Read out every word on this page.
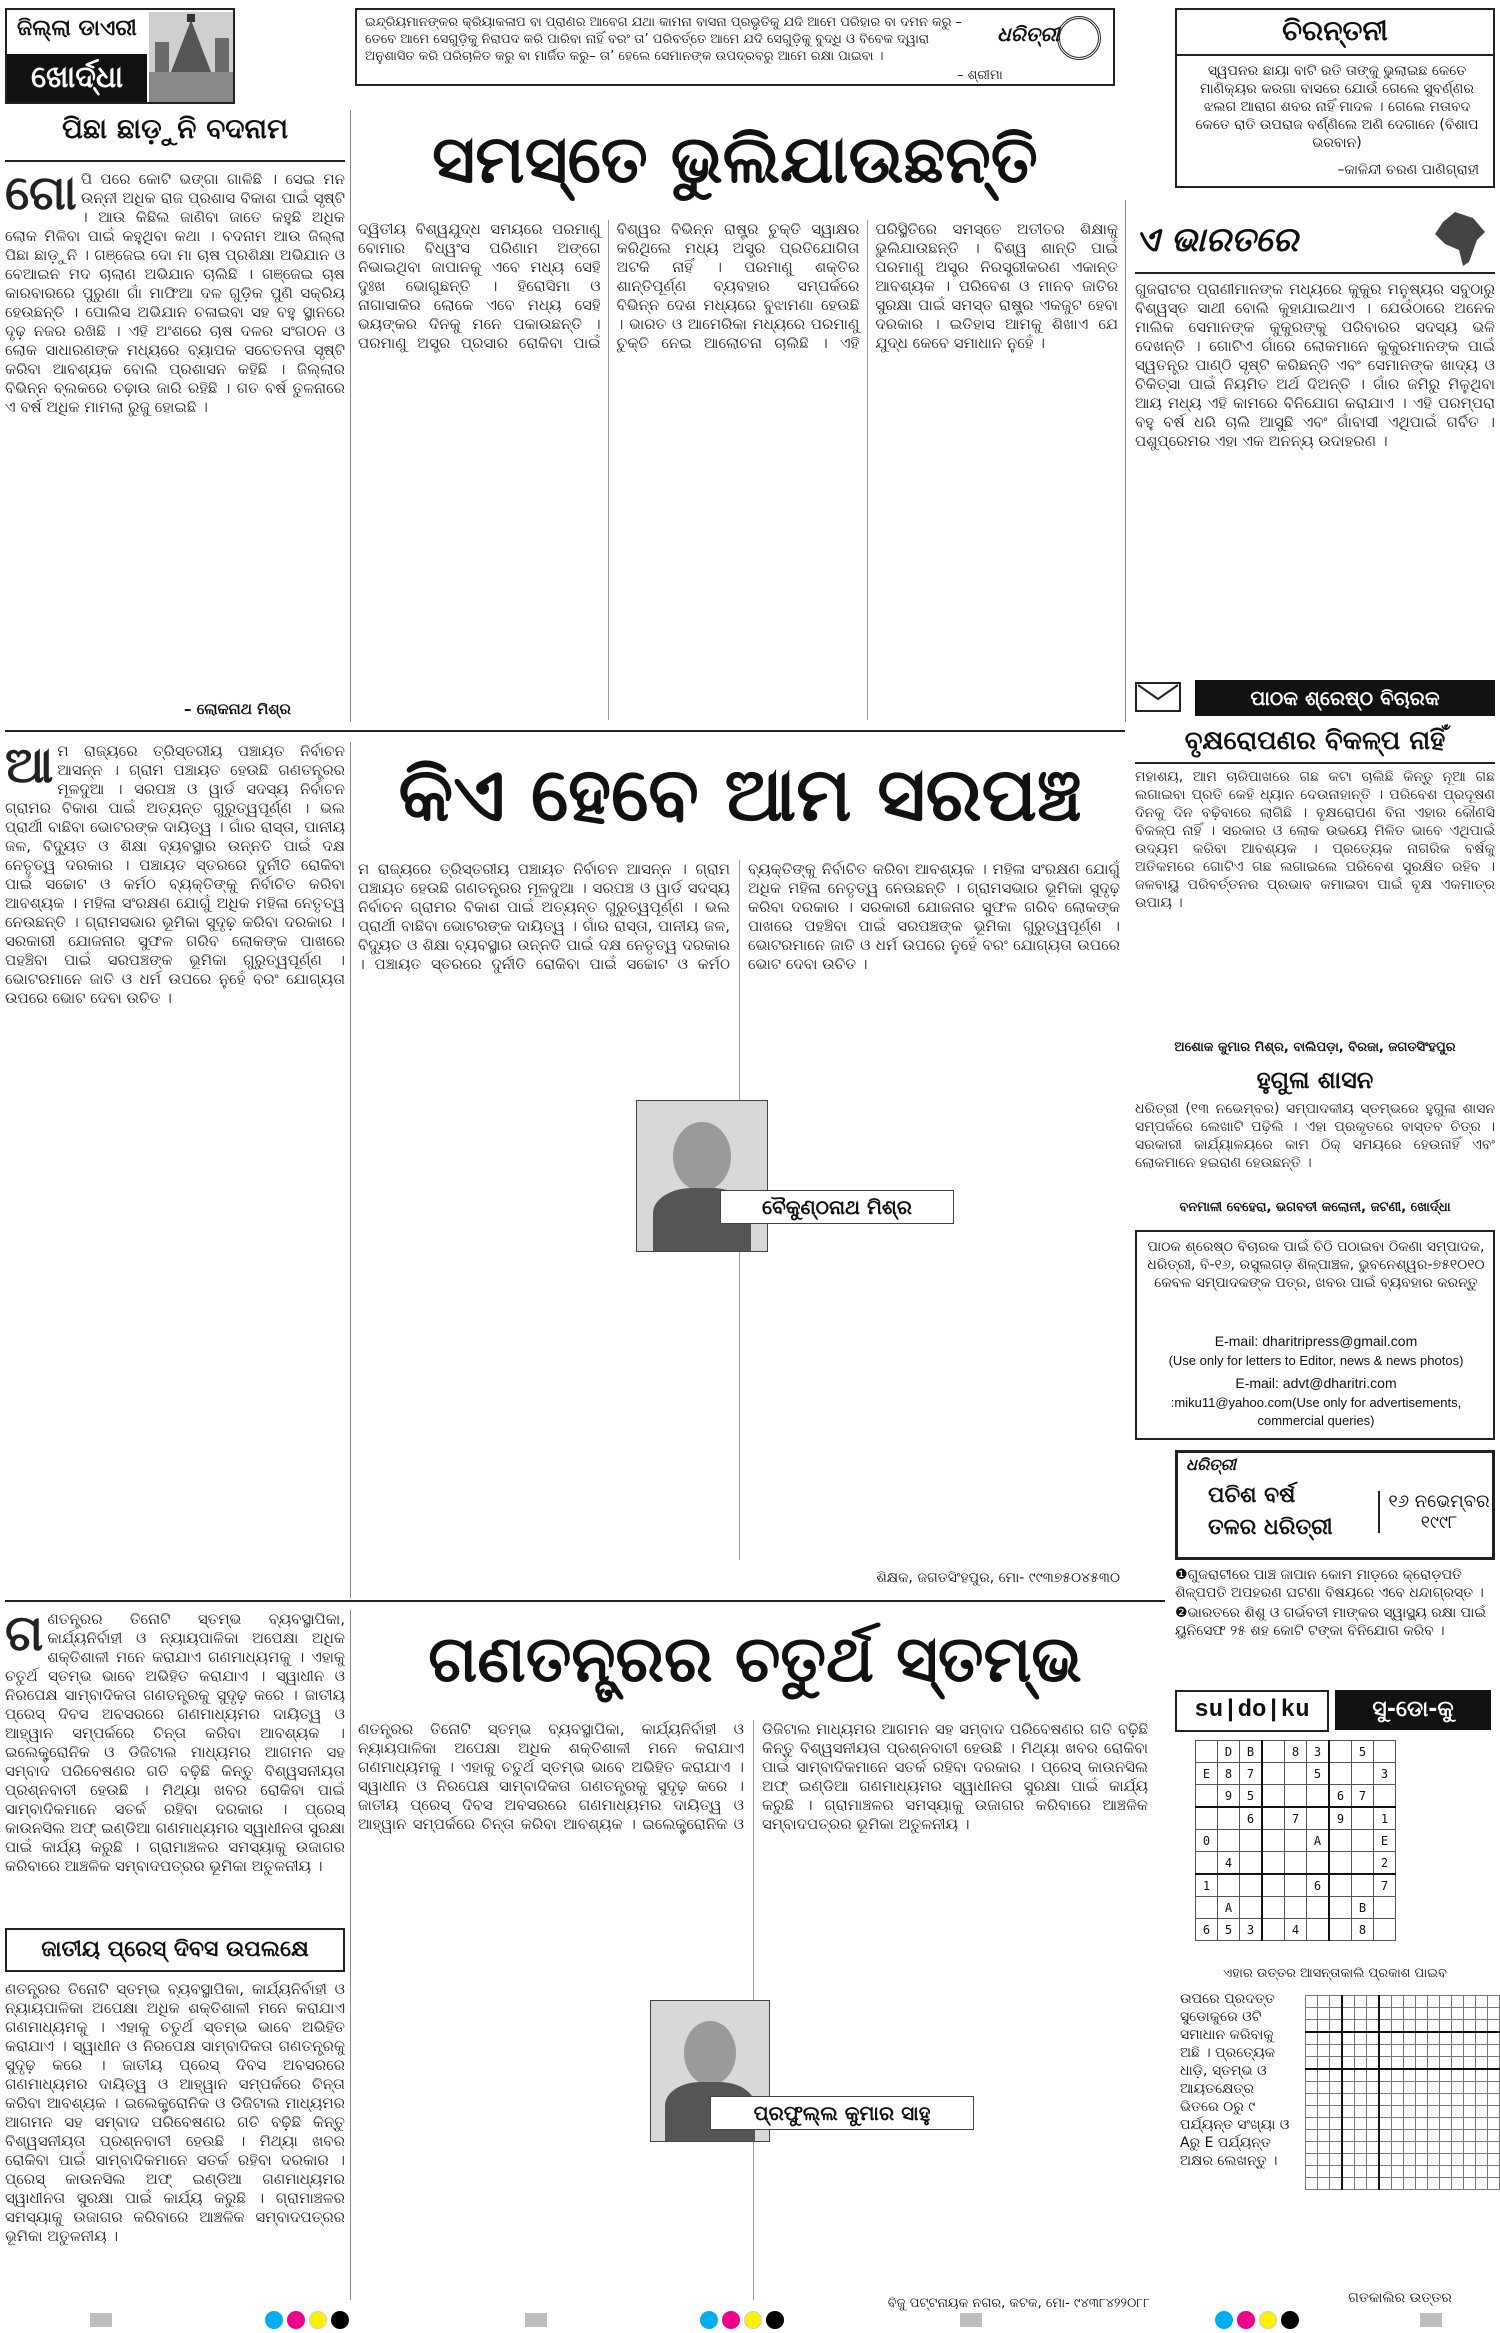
ଜିଲ୍ଲା ଡାଏରୀ
ଖୋର୍ଦ୍ଧା
ଇନ୍ଦ୍ରିୟମାନଙ୍କର କ୍ରିୟାକଳାପ ବା ପ୍ରାଣର ଆବେଗ ଯଥା କାମନା ବାସନା ପ୍ରଭୃତିକୁ ଯଦି ଆମେ ପରିହାର ବା ଦମନ କରୁ – ତେବେ ଆମେ ସେଗୁଡ଼ିକୁ ନିରାପଦ କରି ପାରିବା ନାହିଁ ବରଂ ତା’ ପରିବର୍ତ୍ତେ ଆମେ ଯଦି ସେଗୁଡ଼ିକୁ ବୁଦ୍ଧି ଓ ବିବେକ ଦ୍ୱାରା ଅନୁଶାସିତ କରି ପରିଚାଳିତ କରୁ ବା ମାର୍ଜିତ କରୁ– ତା’ ହେଲେ ସେମାନଙ୍କ ଉପଦ୍ରବରୁ ଆମେ ରକ୍ଷା ପାଇବା ।
– ଶ୍ରୀମା
ଧରିତ୍ରୀ	ଚିରନ୍ତନୀ
ସ୍ୱପନର ଛାୟା ବାଟି ରତି ତାଙ୍କୁ ଭୁଲାଇଛ କେତେ ମାଣିକ୍ୟର କରଗା ବାସରେ ଯୋଉଁ ଗେଲେ ସୁବର୍ଣ୍ଣର ଝଲଗ ଆରାଗ ଶବର ନାହିଁ ମାଦଳ । ଗେଲେ ମତାବଦ କେତେ ରାତି ଉପରାଜ ବର୍ଣ୍ଣିଲେ ଅଣି ଦେଗାନେ (ବିଶାପ ଭରବାନ)
–କାଳିନ୍ଦୀ ଚରଣ ପାଣିଗ୍ରାହୀ
ପିଛା ଛାଡ଼ୁନି ବଦନାମ	ସମସ୍ତେ ଭୁଲିଯାଉଛନ୍ତି
ଗୋପି ପରେ କୋଟି ଭଙ୍ଗା ଗାଳିଛି । ସେଇ ମନ ଉନ୍ନୀ ଅଧିକ ରାଜ ପ୍ରଶାସ ବିକାଶ ପାଇଁ ସୃଷ୍ଟି । ଆଉ କିଛିଲ ଜାଣିବା ଜାତେ କହୁଛି ଅଧିକ ଲୋକ ମିଳିବା ପାଇଁ କହୁଥିବା କଥା । ବଦନାମ ଆଉ ଜିଲ୍ଲା ପିଛା ଛାଡ଼ୁନି । ଗଞ୍ଜେଇ ଦୋ ମା ଚାଷ ପ୍ରଶିକ୍ଷା ଅଭିଯାନ ଓ ବେଆଇନ ମଦ ଚାଲାଣ ଅଭିଯାନ ଚାଲିଛି । ଗଞ୍ଜେଇ ଚାଷ କାରବାରରେ ପୁରୁଣା ଗାଁ ମାଫିଆ ଦଳ ଗୁଡ଼ିକ ପୁଣି ସକ୍ରିୟ ହେଉଛନ୍ତି । ପୋଲିସ ଅଭିଯାନ ଚଳାଇବା ସହ ବହୁ ସ୍ଥାନରେ ଦୃଢ଼ ନଜର ରଖିଛି । ଏହି ଅଂଶରେ ଚାଷ ଦଳର ସଂଗଠନ ଓ ଲୋକ ସାଧାରଣଙ୍କ ମଧ୍ୟରେ ବ୍ୟାପକ ସଚେତନତା ସୃଷ୍ଟି କରିବା ଆବଶ୍ୟକ ବୋଲି ପ୍ରଶାସନ କହିଛି । ଜିଲ୍ଲାର ବିଭିନ୍ନ ବ୍ଲକରେ ଚଢ଼ାଉ ଜାରି ରହିଛି । ଗତ ବର୍ଷ ତୁଳନାରେ ଏ ବର୍ଷ ଅଧିକ ମାମଲା ରୁଜୁ ହୋଇଛି ।
– ଲୋକନାଥ ମିଶ୍ର
ଦ୍ୱିତୀୟ ବିଶ୍ୱଯୁଦ୍ଧ ସମୟରେ ପରମାଣୁ ବୋମାର ବିଧ୍ୱଂସ ପରିଣାମ ଅଙ୍ଗେ ନିଭାଇଥିବା ଜାପାନକୁ ଏବେ ମଧ୍ୟ ସେହି ଦୁଃଖ ଭୋଗୁଛନ୍ତି । ହିରୋସିମା ଓ ନାଗାସାକିର ଲୋକେ ଏବେ ମଧ୍ୟ ସେହି ଭୟଙ୍କର ଦିନକୁ ମନେ ପକାଉଛନ୍ତି । ପରମାଣୁ ଅସ୍ତ୍ର ପ୍ରସାର ରୋକିବା ପାଇଁ ବିଶ୍ୱର ବିଭିନ୍ନ ରାଷ୍ଟ୍ର ଚୁକ୍ତି ସ୍ୱାକ୍ଷର କରିଥିଲେ ମଧ୍ୟ ଅସ୍ତ୍ର ପ୍ରତିଯୋଗିତା ଅଟକି ନାହିଁ । ପରମାଣୁ ଶକ୍ତିର ଶାନ୍ତିପୂର୍ଣ୍ଣ ବ୍ୟବହାର ସମ୍ପର୍କରେ ବିଭିନ୍ନ ଦେଶ ମଧ୍ୟରେ ବୁଝାମଣା ହେଉଛି । ଭାରତ ଓ ଆମେରିକା ମଧ୍ୟରେ ପରମାଣୁ ଚୁକ୍ତି ନେଇ ଆଲୋଚନା ଚାଲିଛି । ଏହି ପରିସ୍ଥିତିରେ ସମସ୍ତେ ଅତୀତର ଶିକ୍ଷାକୁ ଭୁଲିଯାଉଛନ୍ତି । ବିଶ୍ୱ ଶାନ୍ତି ପାଇଁ ପରମାଣୁ ଅସ୍ତ୍ର ନିରସ୍ତ୍ରୀକରଣ ଏକାନ୍ତ ଆବଶ୍ୟକ । ପରିବେଶ ଓ ମାନବ ଜାତିର ସୁରକ୍ଷା ପାଇଁ ସମସ୍ତ ରାଷ୍ଟ୍ର ଏକଜୁଟ ହେବା ଦରକାର । ଇତିହାସ ଆମକୁ ଶିଖାଏ ଯେ ଯୁଦ୍ଧ କେବେ ସମାଧାନ ନୁହେଁ ।
ଏ ଭାରତରେ
ଗୁଜରାଟର ପ୍ରାଣୀମାନଙ୍କ ମଧ୍ୟରେ କୁକୁର ମନୁଷ୍ୟର ସବୁଠାରୁ ବିଶ୍ୱସ୍ତ ସାଥୀ ବୋଲି କୁହାଯାଇଥାଏ । ଯେଉଁଠାରେ ଅନେକ ମାଲିକ ସେମାନଙ୍କ କୁକୁରଙ୍କୁ ପରିବାରର ସଦସ୍ୟ ଭଳି ଦେଖନ୍ତି । ଗୋଟିଏ ଗାଁରେ ଲୋକମାନେ କୁକୁରମାନଙ୍କ ପାଇଁ ସ୍ୱତନ୍ତ୍ର ପାଣ୍ଠି ସୃଷ୍ଟି କରିଛନ୍ତି ଏବଂ ସେମାନଙ୍କ ଖାଦ୍ୟ ଓ ଚିକିତ୍ସା ପାଇଁ ନିୟମିତ ଅର୍ଥ ଦିଅନ୍ତି । ଗାଁର ଜମିରୁ ମିଳୁଥିବା ଆୟ ମଧ୍ୟ ଏହି କାମରେ ବିନିଯୋଗ କରାଯାଏ । ଏହି ପରମ୍ପରା ବହୁ ବର୍ଷ ଧରି ଚାଲି ଆସୁଛି ଏବଂ ଗାଁବାସୀ ଏଥିପାଇଁ ଗର୍ବିତ । ପଶୁପ୍ରେମର ଏହା ଏକ ଅନନ୍ୟ ଉଦାହରଣ ।
ପାଠକ ଶ୍ରେଷ୍ଠ ବିଚାରକ
ବୃକ୍ଷରୋପଣର ବିକଳ୍ପ ନାହିଁ
ମହାଶୟ, ଆମ ଚାରିପାଖରେ ଗଛ କଟା ଚାଲିଛି କିନ୍ତୁ ନୂଆ ଗଛ ଲଗାଇବା ପ୍ରତି କେହି ଧ୍ୟାନ ଦେଉନାହାନ୍ତି । ପରିବେଶ ପ୍ରଦୂଷଣ ଦିନକୁ ଦିନ ବଢ଼ିବାରେ ଲାଗିଛି । ବୃକ୍ଷରୋପଣ ବିନା ଏହାର କୌଣସି ବିକଳ୍ପ ନାହିଁ । ସରକାର ଓ ଲୋକ ଉଭୟେ ମିଳିତ ଭାବେ ଏଥିପାଇଁ ଉଦ୍ୟମ କରିବା ଆବଶ୍ୟକ । ପ୍ରତ୍ୟେକ ନାଗରିକ ବର୍ଷକୁ ଅତିକମରେ ଗୋଟିଏ ଗଛ ଲଗାଇଲେ ପରିବେଶ ସୁରକ୍ଷିତ ରହିବ । ଜଳବାୟୁ ପରିବର୍ତ୍ତନର ପ୍ରଭାବ କମାଇବା ପାଇଁ ବୃକ୍ଷ ଏକମାତ୍ର ଉପାୟ ।
ଅଶୋକ କୁମାର ମିଶ୍ର, ବାଲିପଡ଼ା, ବିରଜା, ଜଗତସିଂହପୁର
ହୁଗୁଳା ଶାସନ
ଧରିତ୍ରୀ (୧୩ ନଭେମ୍ବର) ସମ୍ପାଦକୀୟ ସ୍ତମ୍ଭରେ ହୁଗୁଳା ଶାସନ ସମ୍ପର୍କରେ ଲେଖାଟି ପଢ଼ିଲି । ଏହା ପ୍ରକୃତରେ ବାସ୍ତବ ଚିତ୍ର । ସରକାରୀ କାର୍ଯ୍ୟାଳୟରେ କାମ ଠିକ୍ ସମୟରେ ହେଉନାହିଁ ଏବଂ ଲୋକମାନେ ହଇରାଣ ହେଉଛନ୍ତି ।
ବନମାଳୀ ବେହେରା, ଭଗବତୀ କଲୋନୀ, ଜଟଣୀ, ଖୋର୍ଦ୍ଧା
ପାଠକ ଶ୍ରେଷ୍ଠ ବିଚାରକ ପାଇଁ ଚିଠି ପଠାଇବା ଠିକଣା ସମ୍ପାଦକ, ଧରିତ୍ରୀ, ବି-୧୬, ରସୁଲଗଡ଼ ଶିଳ୍ପାଞ୍ଚଳ, ଭୁବନେଶ୍ୱର-୭୫୧୦୧୦ କେବଳ ସମ୍ପାଦକଙ୍କ ପତ୍ର, ଖବର ପାଇଁ ବ୍ୟବହାର କରନ୍ତୁ
E-mail: dharitripress@gmail.com
(Use only for letters to Editor, news & news photos)
E-mail: advt@dharitri.com
:miku11@yahoo.com(Use only for advertisements, commercial queries)
ଧରିତ୍ରୀ
ପଚିଶ ବର୍ଷ
ତଳର ଧରିତ୍ରୀ
୧୬ ନଭେମ୍ବର ୧୯୯୮
❶ଗୁଜରାଟୀରେ ପାଞ୍ଚ ଜାପାନ କୋମ ମାଡ଼ରେ କ୍ରୋଡ଼ପତି ଶିଳ୍ପପତି ଅପହରଣ ଘଟଣା ବିଷୟରେ ଏବେ ଧନ୍ଦାଗ୍ରସ୍ତ ।
❷ଭାରତରେ ଶିଶୁ ଓ ଗର୍ଭବତୀ ମାଙ୍କର ସ୍ୱାସ୍ଥ୍ୟ ରକ୍ଷା ପାଇଁ ୟୁନିସେଫ ୨୫ ଶହ କୋଟି ଟଙ୍କା ବିନିଯୋଗ କରିବ ।
କିଏ ହେବେ ଆମ ସରପଞ୍ଚ
ଆମ ରାଜ୍ୟରେ ତ୍ରିସ୍ତରୀୟ ପଞ୍ଚାୟତ ନିର୍ବାଚନ ଆସନ୍ନ । ଗ୍ରାମ ପଞ୍ଚାୟତ ହେଉଛି ଗଣତନ୍ତ୍ରର ମୂଳଦୁଆ । ସରପଞ୍ଚ ଓ ୱାର୍ଡ ସଦସ୍ୟ ନିର୍ବାଚନ ଗ୍ରାମର ବିକାଶ ପାଇଁ ଅତ୍ୟନ୍ତ ଗୁରୁତ୍ୱପୂର୍ଣ୍ଣ । ଭଲ ପ୍ରାର୍ଥୀ ବାଛିବା ଭୋଟରଙ୍କ ଦାୟିତ୍ୱ । ଗାଁର ରାସ୍ତା, ପାନୀୟ ଜଳ, ବିଦ୍ୟୁତ ଓ ଶିକ୍ଷା ବ୍ୟବସ୍ଥାର ଉନ୍ନତି ପାଇଁ ଦକ୍ଷ ନେତୃତ୍ୱ ଦରକାର । ପଞ୍ଚାୟତ ସ୍ତରରେ ଦୁର୍ନୀତି ରୋକିବା ପାଇଁ ସଚ୍ଚୋଟ ଓ କର୍ମଠ ବ୍ୟକ୍ତିଙ୍କୁ ନିର୍ବାଚିତ କରିବା ଆବଶ୍ୟକ । ମହିଳା ସଂରକ୍ଷଣ ଯୋଗୁଁ ଅଧିକ ମହିଳା ନେତୃତ୍ୱ ନେଉଛନ୍ତି । ଗ୍ରାମସଭାର ଭୂମିକା ସୁଦୃଢ଼ କରିବା ଦରକାର । ସରକାରୀ ଯୋଜନାର ସୁଫଳ ଗରିବ ଲୋକଙ୍କ ପାଖରେ ପହଞ୍ଚିବା ପାଇଁ ସରପଞ୍ଚଙ୍କ ଭୂମିକା ଗୁରୁତ୍ୱପୂର୍ଣ୍ଣ । ଭୋଟରମାନେ ଜାତି ଓ ଧର୍ମ ଉପରେ ନୁହେଁ ବରଂ ଯୋଗ୍ୟତା ଉପରେ ଭୋଟ ଦେବା ଉଚିତ ।
ମ ରାଜ୍ୟରେ ତ୍ରିସ୍ତରୀୟ ପଞ୍ଚାୟତ ନିର୍ବାଚନ ଆସନ୍ନ । ଗ୍ରାମ ପଞ୍ଚାୟତ ହେଉଛି ଗଣତନ୍ତ୍ରର ମୂଳଦୁଆ । ସରପଞ୍ଚ ଓ ୱାର୍ଡ ସଦସ୍ୟ ନିର୍ବାଚନ ଗ୍ରାମର ବିକାଶ ପାଇଁ ଅତ୍ୟନ୍ତ ଗୁରୁତ୍ୱପୂର୍ଣ୍ଣ । ଭଲ ପ୍ରାର୍ଥୀ ବାଛିବା ଭୋଟରଙ୍କ ଦାୟିତ୍ୱ । ଗାଁର ରାସ୍ତା, ପାନୀୟ ଜଳ, ବିଦ୍ୟୁତ ଓ ଶିକ୍ଷା ବ୍ୟବସ୍ଥାର ଉନ୍ନତି ପାଇଁ ଦକ୍ଷ ନେତୃତ୍ୱ ଦରକାର । ପଞ୍ଚାୟତ ସ୍ତରରେ ଦୁର୍ନୀତି ରୋକିବା ପାଇଁ ସଚ୍ଚୋଟ ଓ କର୍ମଠ ବ୍ୟକ୍ତିଙ୍କୁ ନିର୍ବାଚିତ କରିବା ଆବଶ୍ୟକ । ମହିଳା ସଂରକ୍ଷଣ ଯୋଗୁଁ ଅଧିକ ମହିଳା ନେତୃତ୍ୱ ନେଉଛନ୍ତି । ଗ୍ରାମସଭାର ଭୂମିକା ସୁଦୃଢ଼ କରିବା ଦରକାର । ସରକାରୀ ଯୋଜନାର ସୁଫଳ ଗରିବ ଲୋକଙ୍କ ପାଖରେ ପହଞ୍ଚିବା ପାଇଁ ସରପଞ୍ଚଙ୍କ ଭୂମିକା ଗୁରୁତ୍ୱପୂର୍ଣ୍ଣ । ଭୋଟରମାନେ ଜାତି ଓ ଧର୍ମ ଉପରେ ନୁହେଁ ବରଂ ଯୋଗ୍ୟତା ଉପରେ ଭୋଟ ଦେବା ଉଚିତ ।
ବୈକୁଣ୍ଠନାଥ ମିଶ୍ର
ଶିକ୍ଷକ, ଜଗତସିଂହପୁର, ମୋ- ୯୯୩୭୫୦୪୫୩୦
ଗଣତନ୍ତ୍ରର ଚତୁର୍ଥ ସ୍ତମ୍ଭ
ଗଣତନ୍ତ୍ରର ତିନୋଟି ସ୍ତମ୍ଭ ବ୍ୟବସ୍ଥାପିକା, କାର୍ଯ୍ୟନିର୍ବାହୀ ଓ ନ୍ୟାୟପାଳିକା ଅପେକ୍ଷା ଅଧିକ ଶକ୍ତିଶାଳୀ ମନେ କରାଯାଏ ଗଣମାଧ୍ୟମକୁ । ଏହାକୁ ଚତୁର୍ଥ ସ୍ତମ୍ଭ ଭାବେ ଅଭିହିତ କରାଯାଏ । ସ୍ୱାଧୀନ ଓ ନିରପେକ୍ଷ ସାମ୍ବାଦିକତା ଗଣତନ୍ତ୍ରକୁ ସୁଦୃଢ଼ କରେ । ଜାତୀୟ ପ୍ରେସ୍ ଦିବସ ଅବସରରେ ଗଣମାଧ୍ୟମର ଦାୟିତ୍ୱ ଓ ଆହ୍ୱାନ ସମ୍ପର୍କରେ ଚିନ୍ତା କରିବା ଆବଶ୍ୟକ । ଇଲେକ୍ଟ୍ରୋନିକ ଓ ଡିଜିଟାଲ ମାଧ୍ୟମର ଆଗମନ ସହ ସମ୍ବାଦ ପରିବେଷଣର ଗତି ବଢ଼ିଛି କିନ୍ତୁ ବିଶ୍ୱସନୀୟତା ପ୍ରଶ୍ନବାଚୀ ହେଉଛି । ମିଥ୍ୟା ଖବର ରୋକିବା ପାଇଁ ସାମ୍ବାଦିକମାନେ ସତର୍କ ରହିବା ଦରକାର । ପ୍ରେସ୍ କାଉନସିଲ ଅଫ୍ ଇଣ୍ଡିଆ ଗଣମାଧ୍ୟମର ସ୍ୱାଧୀନତା ସୁରକ୍ଷା ପାଇଁ କାର୍ଯ୍ୟ କରୁଛି । ଗ୍ରାମାଞ୍ଚଳର ସମସ୍ୟାକୁ ଉଜାଗର କରିବାରେ ଆଞ୍ଚଳିକ ସମ୍ବାଦପତ୍ରର ଭୂମିକା ଅତୁଳନୀୟ ।
ଜାତୀୟ ପ୍ରେସ୍ ଦିବସ ଉପଲକ୍ଷେ
ଣତନ୍ତ୍ରର ତିନୋଟି ସ୍ତମ୍ଭ ବ୍ୟବସ୍ଥାପିକା, କାର୍ଯ୍ୟନିର୍ବାହୀ ଓ ନ୍ୟାୟପାଳିକା ଅପେକ୍ଷା ଅଧିକ ଶକ୍ତିଶାଳୀ ମନେ କରାଯାଏ ଗଣମାଧ୍ୟମକୁ । ଏହାକୁ ଚତୁର୍ଥ ସ୍ତମ୍ଭ ଭାବେ ଅଭିହିତ କରାଯାଏ । ସ୍ୱାଧୀନ ଓ ନିରପେକ୍ଷ ସାମ୍ବାଦିକତା ଗଣତନ୍ତ୍ରକୁ ସୁଦୃଢ଼ କରେ । ଜାତୀୟ ପ୍ରେସ୍ ଦିବସ ଅବସରରେ ଗଣମାଧ୍ୟମର ଦାୟିତ୍ୱ ଓ ଆହ୍ୱାନ ସମ୍ପର୍କରେ ଚିନ୍ତା କରିବା ଆବଶ୍ୟକ । ଇଲେକ୍ଟ୍ରୋନିକ ଓ ଡିଜିଟାଲ ମାଧ୍ୟମର ଆଗମନ ସହ ସମ୍ବାଦ ପରିବେଷଣର ଗତି ବଢ଼ିଛି କିନ୍ତୁ ବିଶ୍ୱସନୀୟତା ପ୍ରଶ୍ନବାଚୀ ହେଉଛି । ମିଥ୍ୟା ଖବର ରୋକିବା ପାଇଁ ସାମ୍ବାଦିକମାନେ ସତର୍କ ରହିବା ଦରକାର । ପ୍ରେସ୍ କାଉନସିଲ ଅଫ୍ ଇଣ୍ଡିଆ ଗଣମାଧ୍ୟମର ସ୍ୱାଧୀନତା ସୁରକ୍ଷା ପାଇଁ କାର୍ଯ୍ୟ କରୁଛି । ଗ୍ରାମାଞ୍ଚଳର ସମସ୍ୟାକୁ ଉଜାଗର କରିବାରେ ଆଞ୍ଚଳିକ ସମ୍ବାଦପତ୍ରର ଭୂମିକା ଅତୁଳନୀୟ ।
ଣତନ୍ତ୍ରର ତିନୋଟି ସ୍ତମ୍ଭ ବ୍ୟବସ୍ଥାପିକା, କାର୍ଯ୍ୟନିର୍ବାହୀ ଓ ନ୍ୟାୟପାଳିକା ଅପେକ୍ଷା ଅଧିକ ଶକ୍ତିଶାଳୀ ମନେ କରାଯାଏ ଗଣମାଧ୍ୟମକୁ । ଏହାକୁ ଚତୁର୍ଥ ସ୍ତମ୍ଭ ଭାବେ ଅଭିହିତ କରାଯାଏ । ସ୍ୱାଧୀନ ଓ ନିରପେକ୍ଷ ସାମ୍ବାଦିକତା ଗଣତନ୍ତ୍ରକୁ ସୁଦୃଢ଼ କରେ । ଜାତୀୟ ପ୍ରେସ୍ ଦିବସ ଅବସରରେ ଗଣମାଧ୍ୟମର ଦାୟିତ୍ୱ ଓ ଆହ୍ୱାନ ସମ୍ପର୍କରେ ଚିନ୍ତା କରିବା ଆବଶ୍ୟକ । ଇଲେକ୍ଟ୍ରୋନିକ ଓ ଡିଜିଟାଲ ମାଧ୍ୟମର ଆଗମନ ସହ ସମ୍ବାଦ ପରିବେଷଣର ଗତି ବଢ଼ିଛି କିନ୍ତୁ ବିଶ୍ୱସନୀୟତା ପ୍ରଶ୍ନବାଚୀ ହେଉଛି । ମିଥ୍ୟା ଖବର ରୋକିବା ପାଇଁ ସାମ୍ବାଦିକମାନେ ସତର୍କ ରହିବା ଦରକାର । ପ୍ରେସ୍ କାଉନସିଲ ଅଫ୍ ଇଣ୍ଡିଆ ଗଣମାଧ୍ୟମର ସ୍ୱାଧୀନତା ସୁରକ୍ଷା ପାଇଁ କାର୍ଯ୍ୟ କରୁଛି । ଗ୍ରାମାଞ୍ଚଳର ସମସ୍ୟାକୁ ଉଜାଗର କରିବାରେ ଆଞ୍ଚଳିକ ସମ୍ବାଦପତ୍ରର ଭୂମିକା ଅତୁଳନୀୟ ।
ପ୍ରଫୁଲ୍ଲ କୁମାର ସାହୁ
ବିଜୁ ପଟ୍ଟନାୟକ ନଗର, କଟକ, ମୋ- ୯୪୩୮୪୨୨୦୮୮
su|do|ku	ସୁ-ଡୋ-କୁ
	D	B		8	3		5	
E	8	7			5			3
	9	5				6	7	
		6		7		9		1
0					A			E
	4							2
1					6			7
	A						B	
6	5	3		4			8	
ଏହାର ଉତ୍ତର ଆସନ୍ତାକାଲି ପ୍ରକାଶ ପାଇବ
ଉପରେ ପ୍ରଦତ୍ତ ସୁଡୋକୁରେ ଓଟି ସମାଧାନ କରିବାକୁ ଅଛି । ପ୍ରତ୍ୟେକ ଧାଡ଼ି, ସ୍ତମ୍ଭ ଓ ଆୟତକ୍ଷେତ୍ର ଭିତରେ ୦ରୁ ୯ ପର୍ଯ୍ୟନ୍ତ ସଂଖ୍ୟା ଓ Aରୁ E ପର୍ଯ୍ୟନ୍ତ ଅକ୍ଷର ଲେଖନ୍ତୁ ।

ଗତକାଲିର ଉତ୍ତର
